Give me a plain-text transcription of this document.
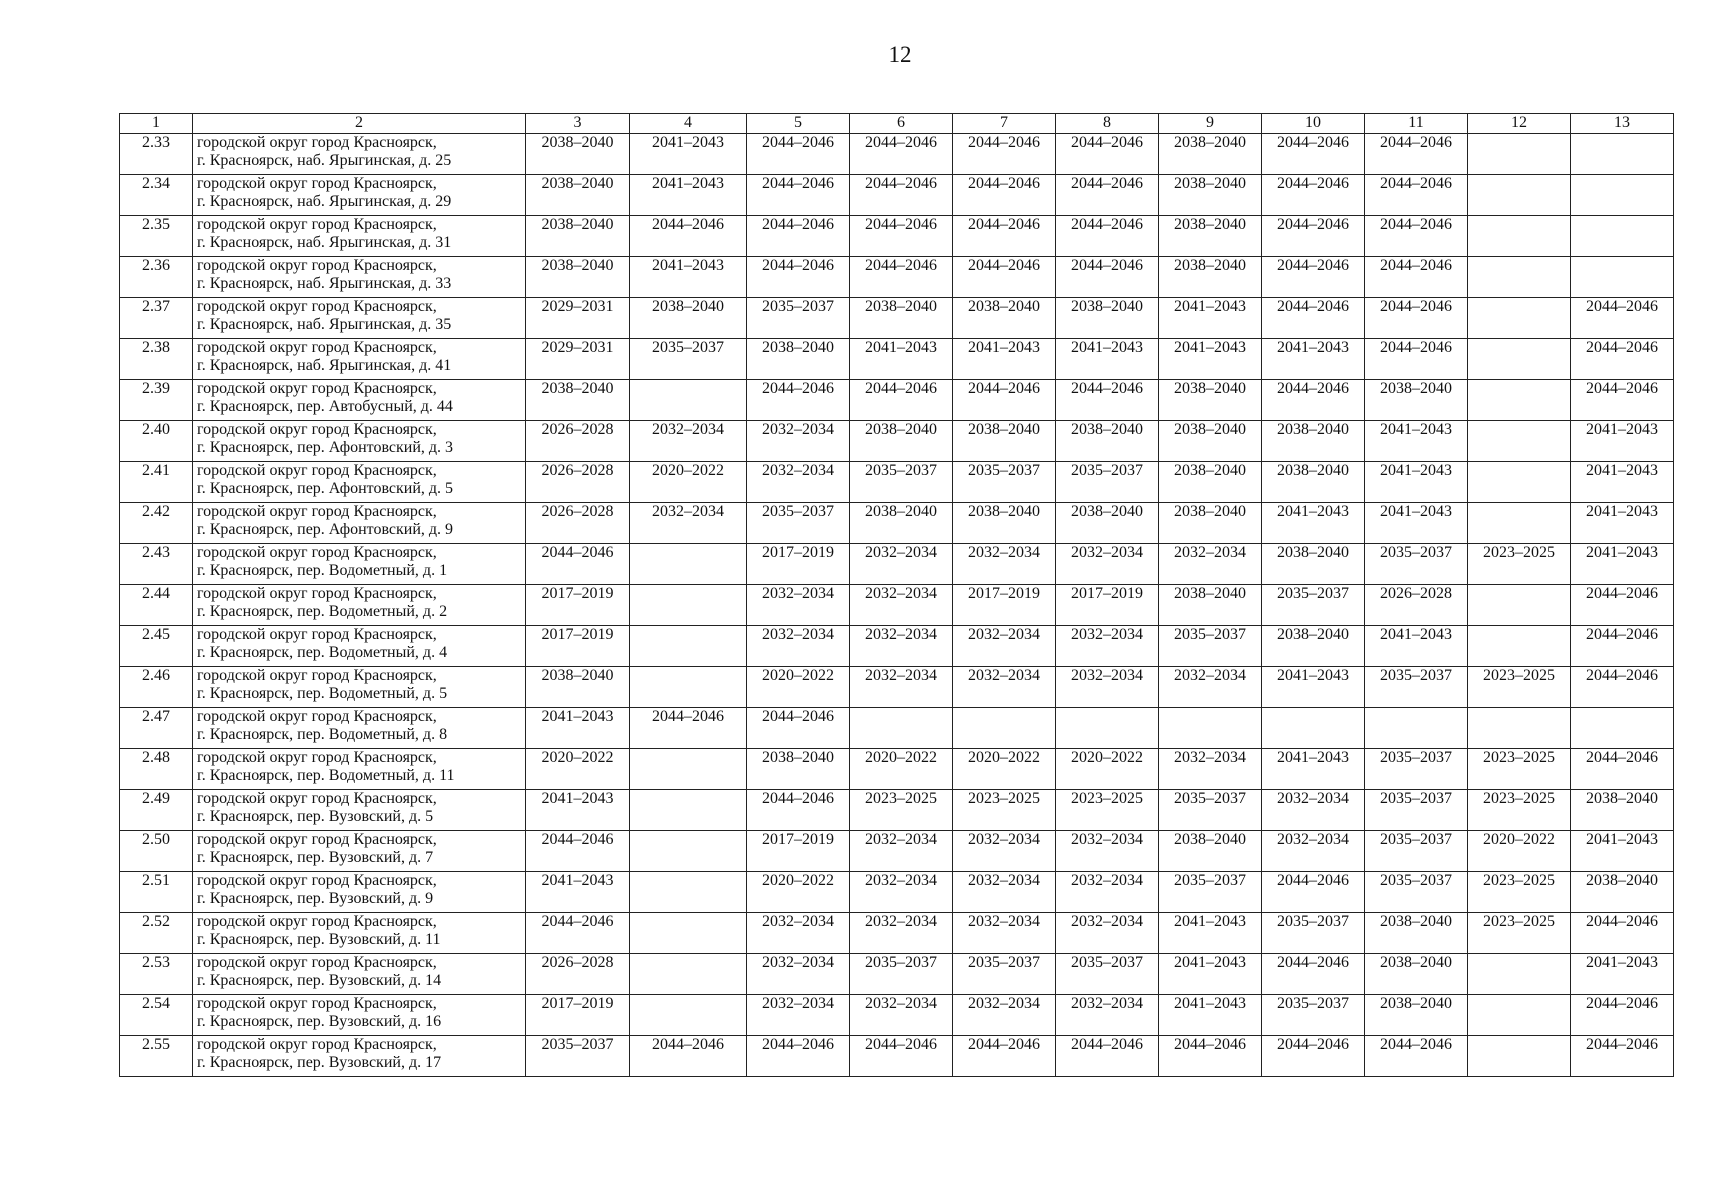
12
1	2	3	4	5	6	7	8	9	10	11	12	13
2.33	городской округ город Красноярск,
г. Красноярск, наб. Ярыгинская, д. 25	2038–2040	2041–2043	2044–2046	2044–2046	2044–2046	2044–2046	2038–2040	2044–2046	2044–2046		
2.34	городской округ город Красноярск,
г. Красноярск, наб. Ярыгинская, д. 29	2038–2040	2041–2043	2044–2046	2044–2046	2044–2046	2044–2046	2038–2040	2044–2046	2044–2046		
2.35	городской округ город Красноярск,
г. Красноярск, наб. Ярыгинская, д. 31	2038–2040	2044–2046	2044–2046	2044–2046	2044–2046	2044–2046	2038–2040	2044–2046	2044–2046		
2.36	городской округ город Красноярск,
г. Красноярск, наб. Ярыгинская, д. 33	2038–2040	2041–2043	2044–2046	2044–2046	2044–2046	2044–2046	2038–2040	2044–2046	2044–2046		
2.37	городской округ город Красноярск,
г. Красноярск, наб. Ярыгинская, д. 35	2029–2031	2038–2040	2035–2037	2038–2040	2038–2040	2038–2040	2041–2043	2044–2046	2044–2046		2044–2046
2.38	городской округ город Красноярск,
г. Красноярск, наб. Ярыгинская, д. 41	2029–2031	2035–2037	2038–2040	2041–2043	2041–2043	2041–2043	2041–2043	2041–2043	2044–2046		2044–2046
2.39	городской округ город Красноярск,
г. Красноярск, пер. Автобусный, д. 44	2038–2040		2044–2046	2044–2046	2044–2046	2044–2046	2038–2040	2044–2046	2038–2040		2044–2046
2.40	городской округ город Красноярск,
г. Красноярск, пер. Афонтовский, д. 3	2026–2028	2032–2034	2032–2034	2038–2040	2038–2040	2038–2040	2038–2040	2038–2040	2041–2043		2041–2043
2.41	городской округ город Красноярск,
г. Красноярск, пер. Афонтовский, д. 5	2026–2028	2020–2022	2032–2034	2035–2037	2035–2037	2035–2037	2038–2040	2038–2040	2041–2043		2041–2043
2.42	городской округ город Красноярск,
г. Красноярск, пер. Афонтовский, д. 9	2026–2028	2032–2034	2035–2037	2038–2040	2038–2040	2038–2040	2038–2040	2041–2043	2041–2043		2041–2043
2.43	городской округ город Красноярск,
г. Красноярск, пер. Водометный, д. 1	2044–2046		2017–2019	2032–2034	2032–2034	2032–2034	2032–2034	2038–2040	2035–2037	2023–2025	2041–2043
2.44	городской округ город Красноярск,
г. Красноярск, пер. Водометный, д. 2	2017–2019		2032–2034	2032–2034	2017–2019	2017–2019	2038–2040	2035–2037	2026–2028		2044–2046
2.45	городской округ город Красноярск,
г. Красноярск, пер. Водометный, д. 4	2017–2019		2032–2034	2032–2034	2032–2034	2032–2034	2035–2037	2038–2040	2041–2043		2044–2046
2.46	городской округ город Красноярск,
г. Красноярск, пер. Водометный, д. 5	2038–2040		2020–2022	2032–2034	2032–2034	2032–2034	2032–2034	2041–2043	2035–2037	2023–2025	2044–2046
2.47	городской округ город Красноярск,
г. Красноярск, пер. Водометный, д. 8	2041–2043	2044–2046	2044–2046								
2.48	городской округ город Красноярск,
г. Красноярск, пер. Водометный, д. 11	2020–2022		2038–2040	2020–2022	2020–2022	2020–2022	2032–2034	2041–2043	2035–2037	2023–2025	2044–2046
2.49	городской округ город Красноярск,
г. Красноярск, пер. Вузовский, д. 5	2041–2043		2044–2046	2023–2025	2023–2025	2023–2025	2035–2037	2032–2034	2035–2037	2023–2025	2038–2040
2.50	городской округ город Красноярск,
г. Красноярск, пер. Вузовский, д. 7	2044–2046		2017–2019	2032–2034	2032–2034	2032–2034	2038–2040	2032–2034	2035–2037	2020–2022	2041–2043
2.51	городской округ город Красноярск,
г. Красноярск, пер. Вузовский, д. 9	2041–2043		2020–2022	2032–2034	2032–2034	2032–2034	2035–2037	2044–2046	2035–2037	2023–2025	2038–2040
2.52	городской округ город Красноярск,
г. Красноярск, пер. Вузовский, д. 11	2044–2046		2032–2034	2032–2034	2032–2034	2032–2034	2041–2043	2035–2037	2038–2040	2023–2025	2044–2046
2.53	городской округ город Красноярск,
г. Красноярск, пер. Вузовский, д. 14	2026–2028		2032–2034	2035–2037	2035–2037	2035–2037	2041–2043	2044–2046	2038–2040		2041–2043
2.54	городской округ город Красноярск,
г. Красноярск, пер. Вузовский, д. 16	2017–2019		2032–2034	2032–2034	2032–2034	2032–2034	2041–2043	2035–2037	2038–2040		2044–2046
2.55	городской округ город Красноярск,
г. Красноярск, пер. Вузовский, д. 17	2035–2037	2044–2046	2044–2046	2044–2046	2044–2046	2044–2046	2044–2046	2044–2046	2044–2046		2044–2046
